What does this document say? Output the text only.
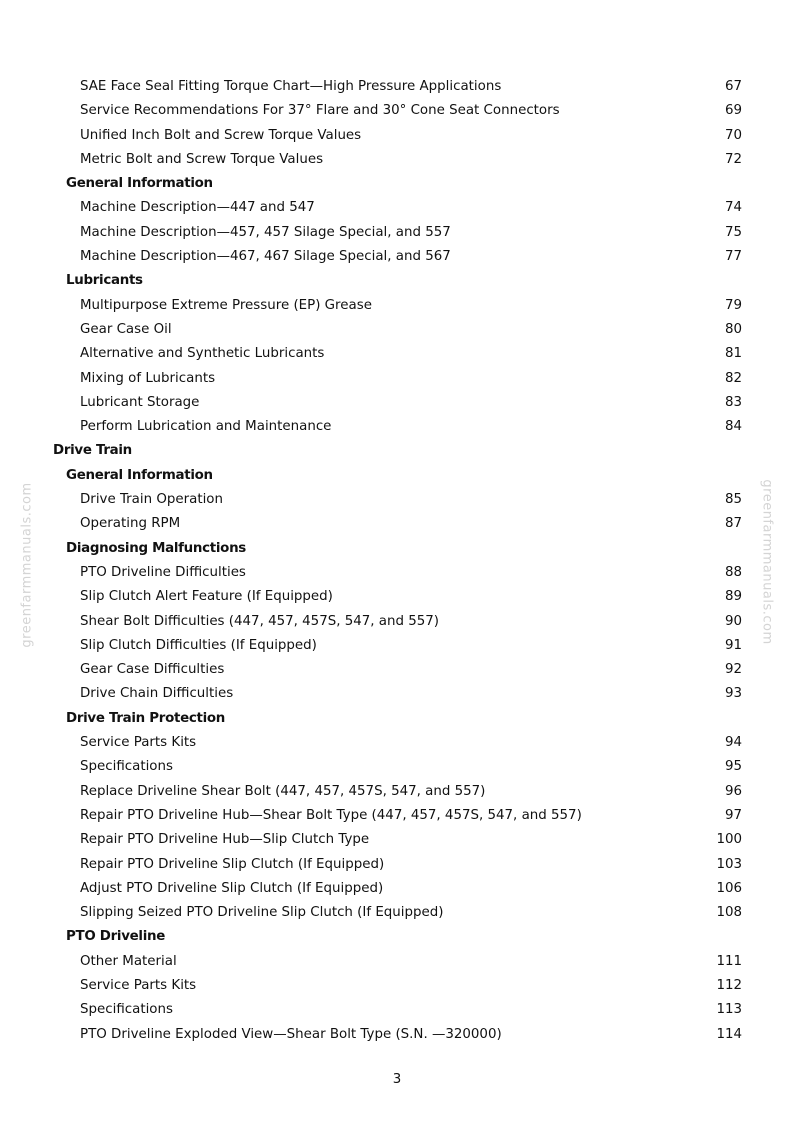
SAE Face Seal Fitting Torque Chart—High Pressure Applications	67
Service Recommendations For 37° Flare and 30° Cone Seat Connectors	69
Unified Inch Bolt and Screw Torque Values	70
Metric Bolt and Screw Torque Values	72
General Information
Machine Description—447 and 547	74
Machine Description—457, 457 Silage Special, and 557	75
Machine Description—467, 467 Silage Special, and 567	77
Lubricants
Multipurpose Extreme Pressure (EP) Grease	79
Gear Case Oil	80
Alternative and Synthetic Lubricants	81
Mixing of Lubricants	82
Lubricant Storage	83
Perform Lubrication and Maintenance	84
Drive Train
General Information
Drive Train Operation	85
Operating RPM	87
Diagnosing Malfunctions
PTO Driveline Difficulties	88
Slip Clutch Alert Feature (If Equipped)	89
Shear Bolt Difficulties (447, 457, 457S, 547, and 557)	90
Slip Clutch Difficulties (If Equipped)	91
Gear Case Difficulties	92
Drive Chain Difficulties	93
Drive Train Protection
Service Parts Kits	94
Specifications	95
Replace Driveline Shear Bolt (447, 457, 457S, 547, and 557)	96
Repair PTO Driveline Hub—Shear Bolt Type (447, 457, 457S, 547, and 557)	97
Repair PTO Driveline Hub—Slip Clutch Type	100
Repair PTO Driveline Slip Clutch (If Equipped)	103
Adjust PTO Driveline Slip Clutch (If Equipped)	106
Slipping Seized PTO Driveline Slip Clutch (If Equipped)	108
PTO Driveline
Other Material	111
Service Parts Kits	112
Specifications	113
PTO Driveline Exploded View—Shear Bolt Type (S.N. —320000)	114
greenfarmmanuals.com	greenfarmmanuals.com
3
